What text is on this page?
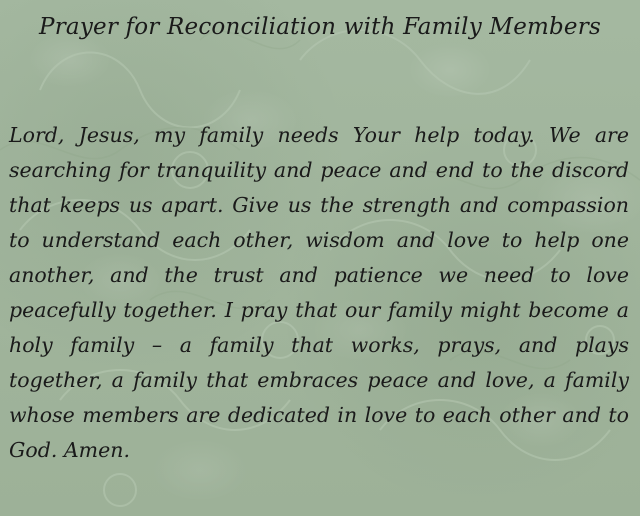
Prayer for Reconciliation with Family Members

Lord, Jesus, my family needs Your help today. We are searching for tranquility and peace and end to the discord that keeps us apart. Give us the strength and compassion to understand each other, wisdom and love to help one another, and the trust and patience we need to love peacefully together. I pray that our family might become a holy family – a family that works, prays, and plays together, a family that embraces peace and love, a family whose members are dedicated in love to each other and to God. Amen.
